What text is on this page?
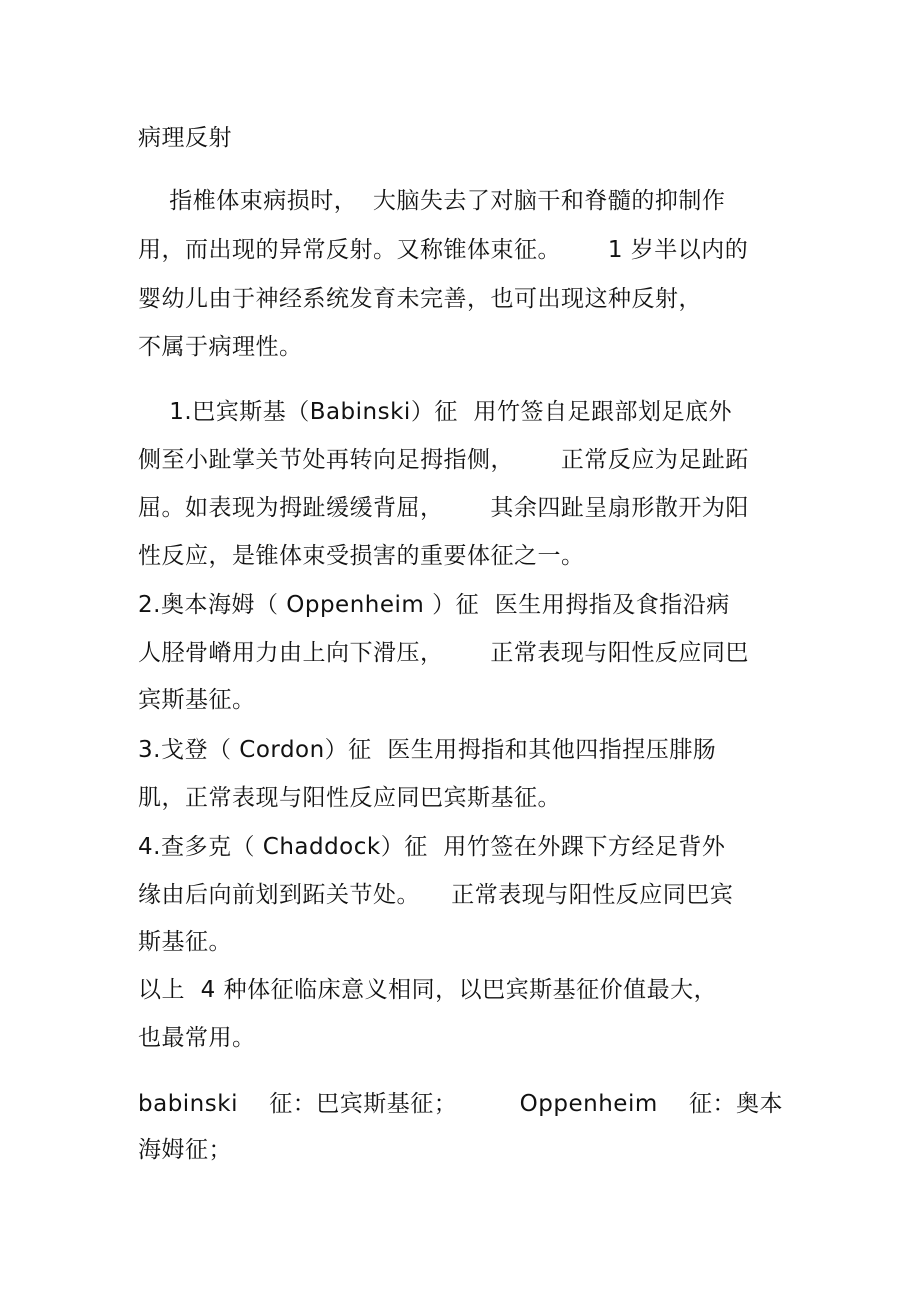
病理反射
指椎体束病损时，  大脑失去了对脑干和脊髓的抑制作
用，而出现的异常反射。又称锥体束征。      1 岁半以内的
婴幼儿由于神经系统发育未完善，也可出现这种反射，
不属于病理性。
1.巴宾斯基（Babinski）征  用竹签自足跟部划足底外
侧至小趾掌关节处再转向足拇指侧，      正常反应为足趾跖
屈。如表现为拇趾缓缓背屈，      其余四趾呈扇形散开为阳
性反应，是锥体束受损害的重要体征之一。
2.奥本海姆（ Oppenheim ）征  医生用拇指及食指沿病
人胫骨嵴用力由上向下滑压，      正常表现与阳性反应同巴
宾斯基征。
3.戈登（ Cordon）征  医生用拇指和其他四指捏压腓肠
肌，正常表现与阳性反应同巴宾斯基征。
4.查多克（ Chaddock）征  用竹签在外踝下方经足背外
缘由后向前划到跖关节处。    正常表现与阳性反应同巴宾
斯基征。
以上  4 种体征临床意义相同，以巴宾斯基征价值最大，
也最常用。
babinski    征：巴宾斯基征；        Oppenheim    征：奥本
海姆征；
